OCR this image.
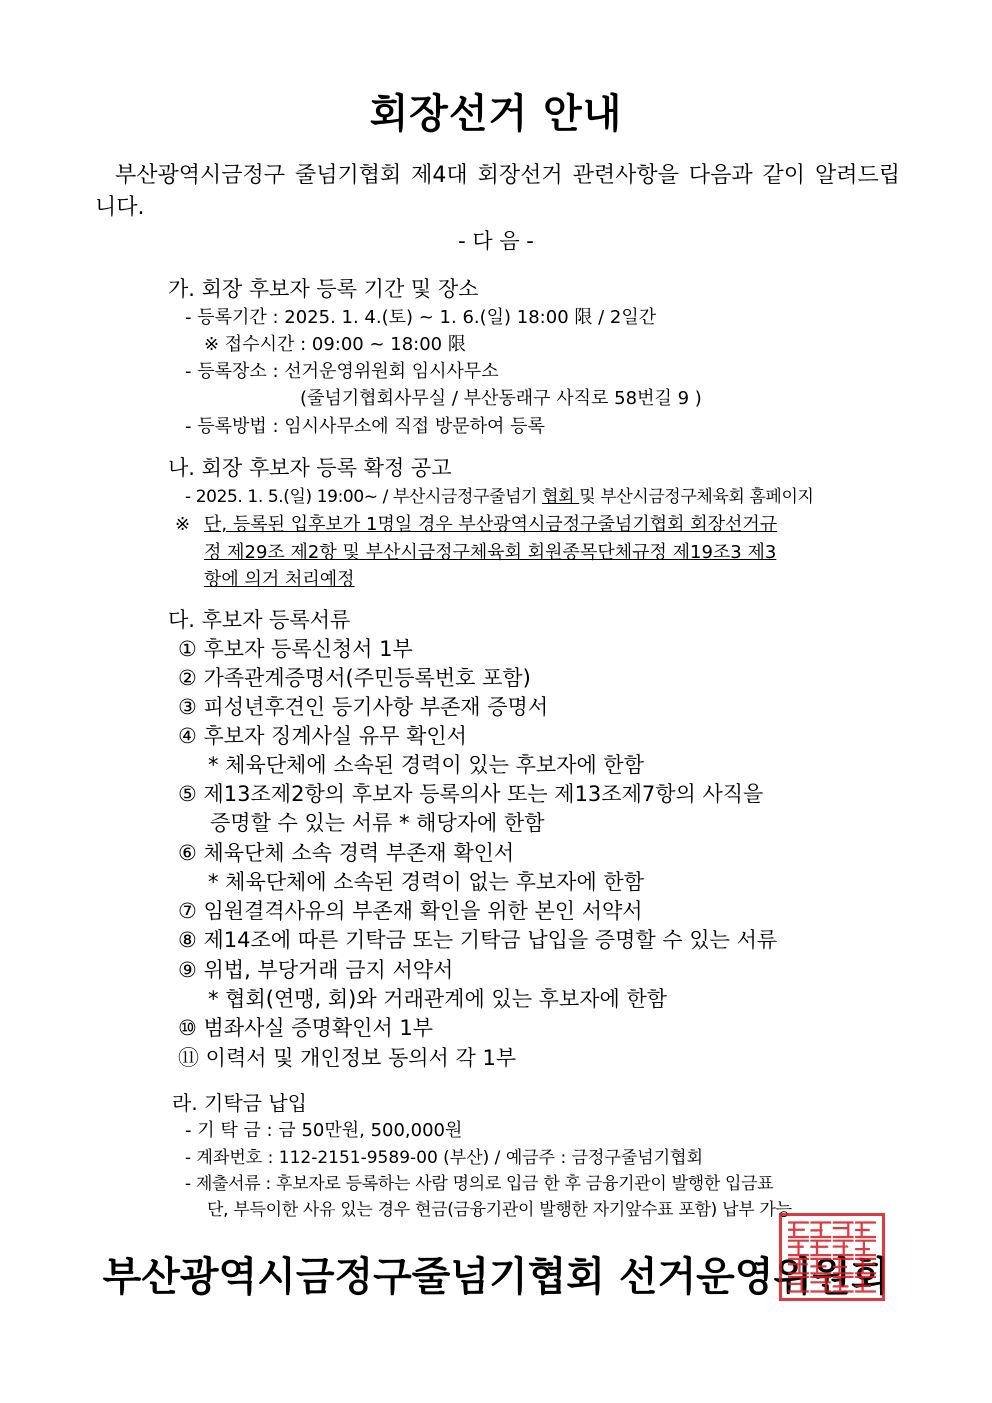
회장선거 안내
부산광역시금정구 줄넘기협회 제4대 회장선거 관련사항을 다음과 같이 알려드립니다.
- 다 음 -
가. 회장 후보자 등록 기간 및 장소
- 등록기간 : 2025. 1. 4.(토) ~ 1. 6.(일) 18:00 限 / 2일간
※ 접수시간 : 09:00 ~ 18:00 限
- 등록장소 : 선거운영위원회 임시사무소
(줄넘기협회사무실 / 부산동래구 사직로 58번길 9 )
- 등록방법 : 임시사무소에 직접 방문하여 등록
나. 회장 후보자 등록 확정 공고
- 2025. 1. 5.(일) 19:00~ / 부산시금정구줄넘기 협회 및 부산시금정구체육회 홈페이지
※ 단, 등록된 입후보가 1명일 경우 부산광역시금정구줄넘기협회 회장선거규
정 제29조 제2항 및 부산시금정구체육회 회원종목단체규정 제19조3 제3
항에 의거 처리예정
다. 후보자 등록서류
① 후보자 등록신청서 1부
② 가족관계증명서(주민등록번호 포함)
③ 피성년후견인 등기사항 부존재 증명서
④ 후보자 징계사실 유무 확인서
* 체육단체에 소속된 경력이 있는 후보자에 한함
⑤ 제13조제2항의 후보자 등록의사 또는 제13조제7항의 사직을
증명할 수 있는 서류 * 해당자에 한함
⑥ 체육단체 소속 경력 부존재 확인서
* 체육단체에 소속된 경력이 없는 후보자에 한함
⑦ 임원결격사유의 부존재 확인을 위한 본인 서약서
⑧ 제14조에 따른 기탁금 또는 기탁금 납입을 증명할 수 있는 서류
⑨ 위법, 부당거래 금지 서약서
* 협회(연맹, 회)와 거래관계에 있는 후보자에 한함
⑩ 범좌사실 증명확인서 1부
⑪ 이력서 및 개인정보 동의서 각 1부
라. 기탁금 납입
- 기 탁 금 : 금 50만원, 500,000원
- 계좌번호 : 112-2151-9589-00 (부산) / 예금주 : 금정구줄넘기협회
- 제출서류 : 후보자로 등록하는 사람 명의로 입금 한 후 금융기관이 발행한 입금표
단, 부득이한 사유 있는 경우 현금(금융기관이 발행한 자기앞수표 포함) 납부 가능
부산광역시금정구줄넘기협회 선거운영위원회
